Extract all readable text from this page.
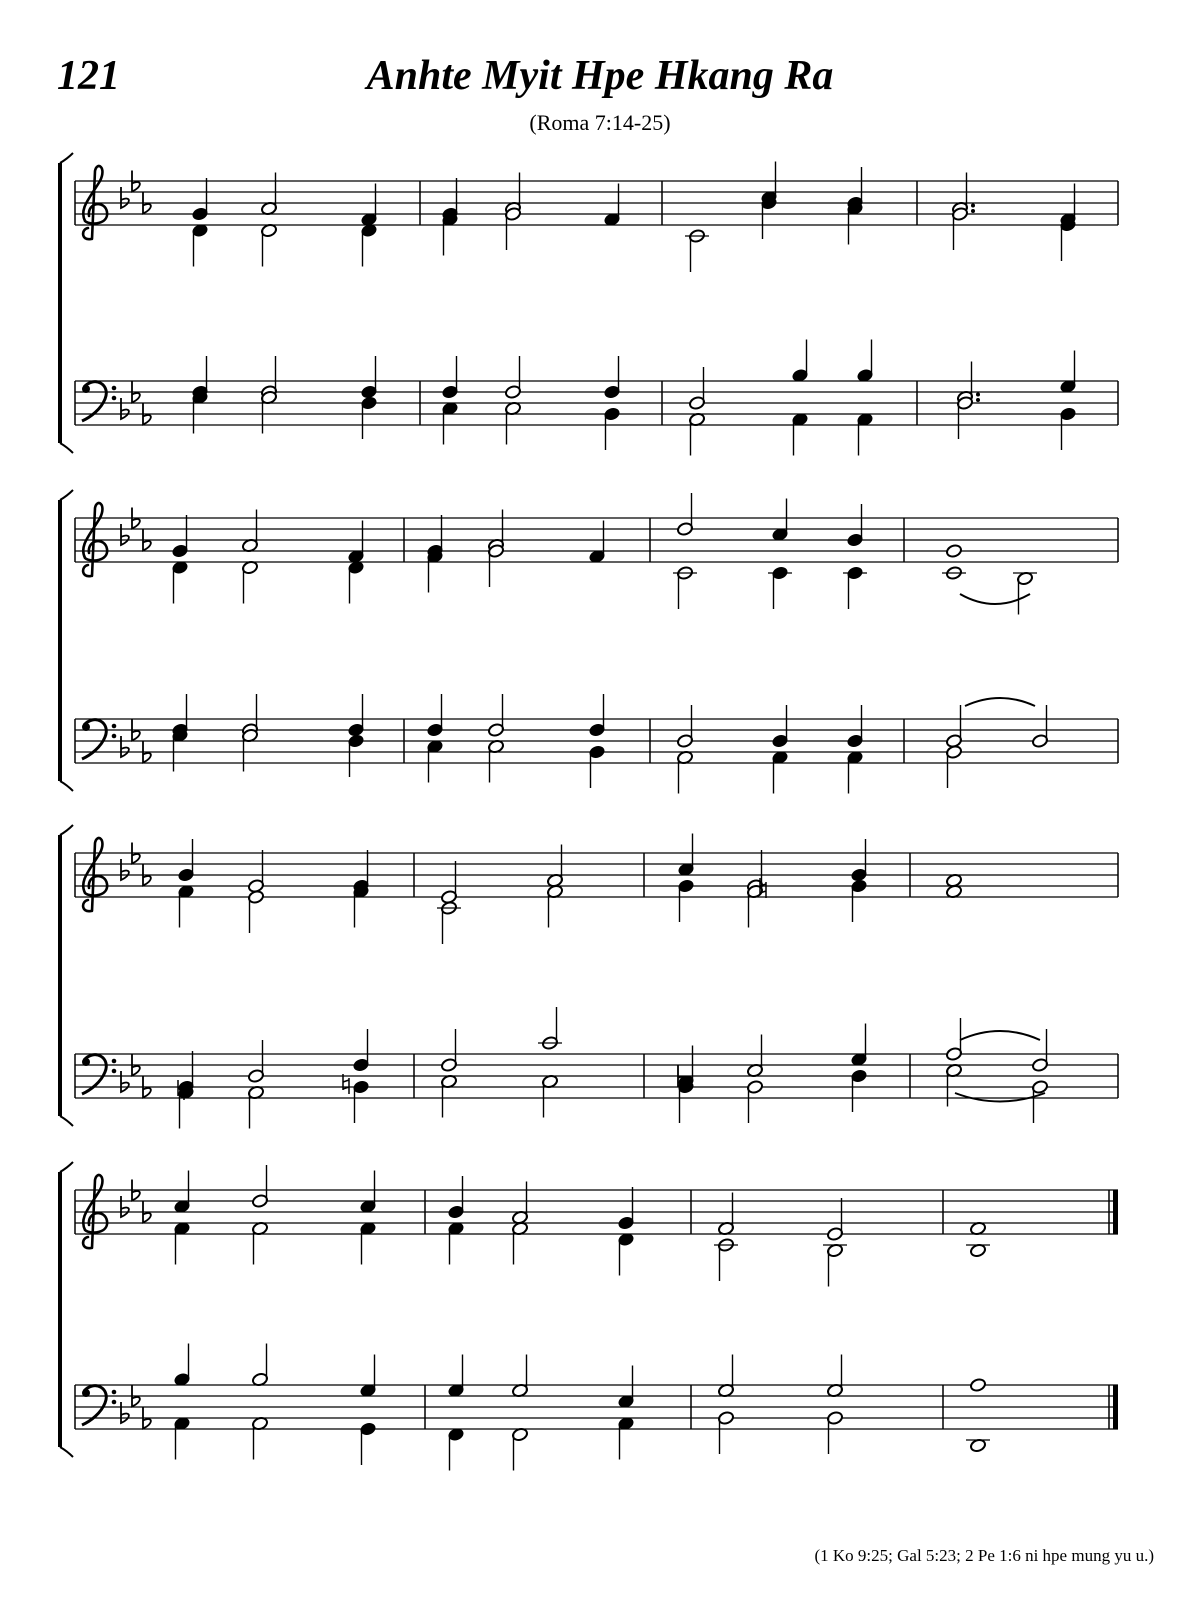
121	Anhte Myit Hpe Hkang Ra
(Roma 7:14-25)
(1 Ko 9:25; Gal 5:23; 2 Pe 1:6 ni hpe mung yu u.)
